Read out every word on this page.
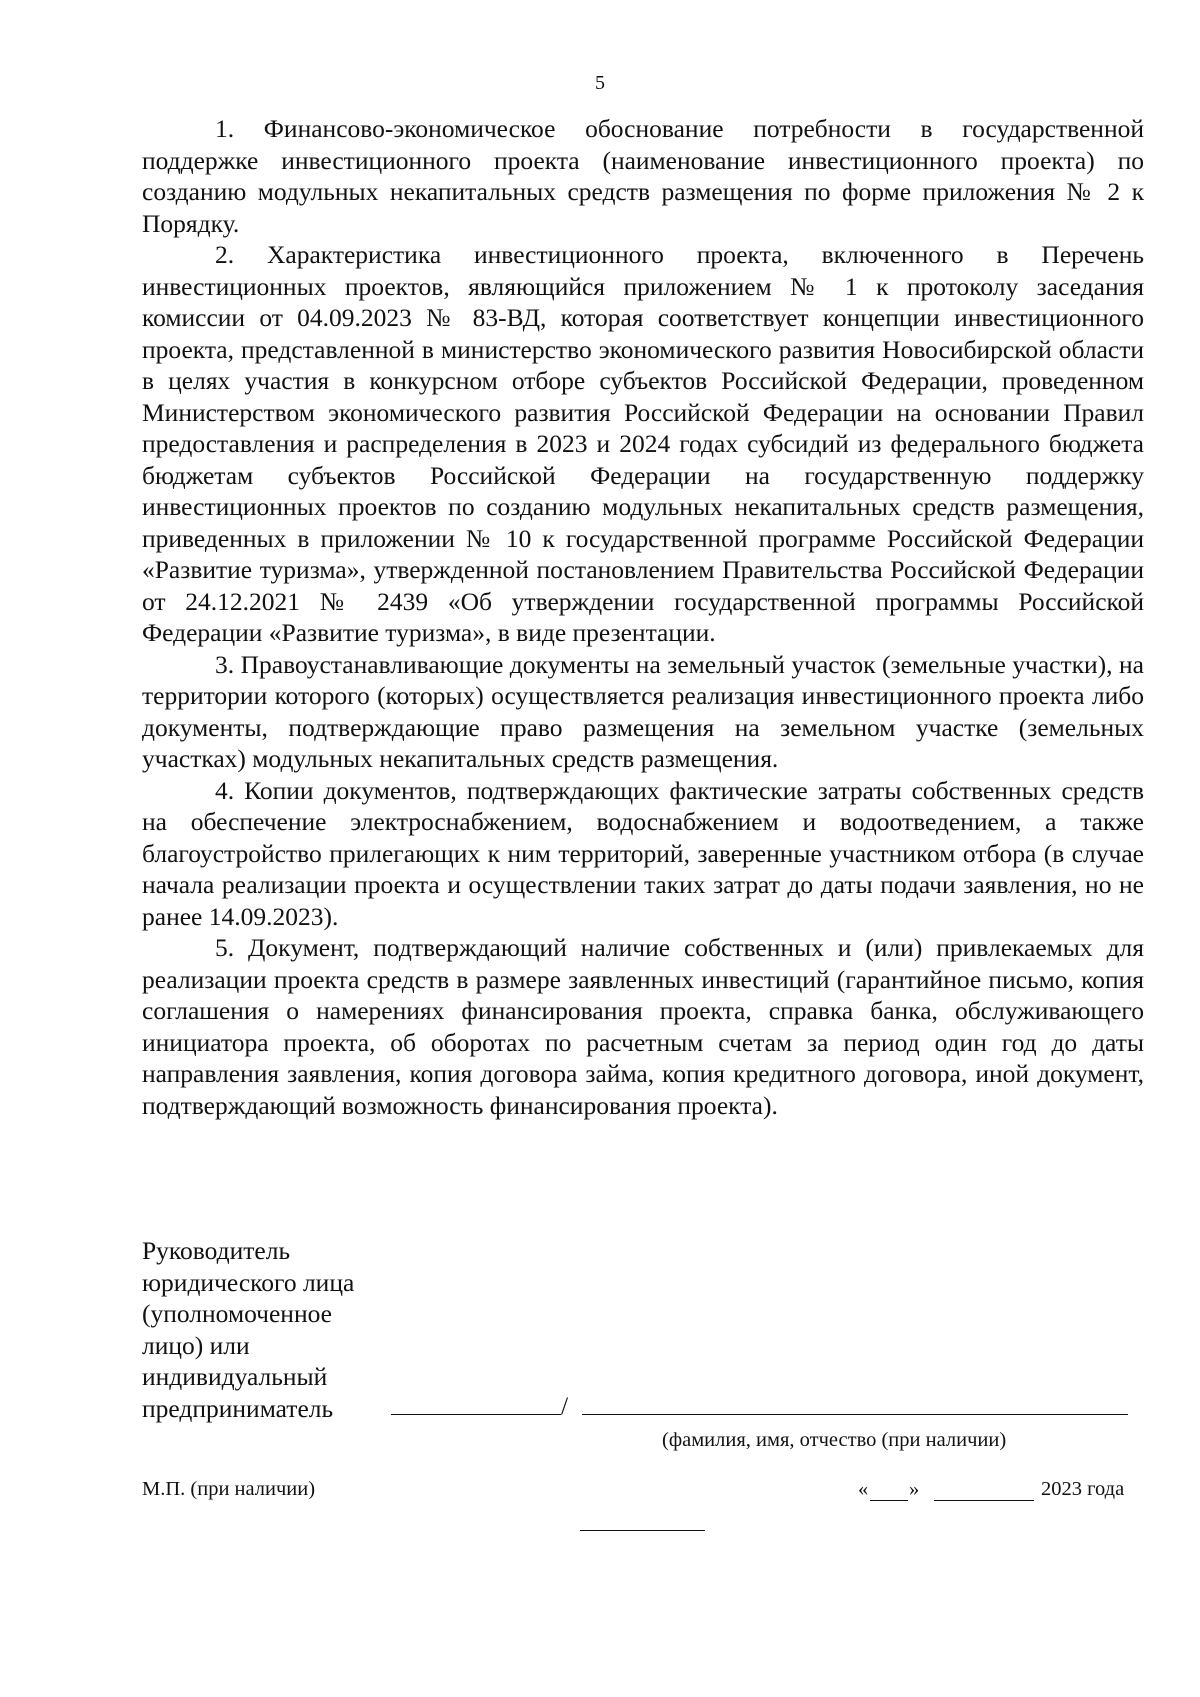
5

1. Финансово-экономическое обоснование потребности в государственной поддержке инвестиционного проекта (наименование инвестиционного проекта) по созданию модульных некапитальных средств размещения по форме приложения № 2 к Порядку.

2. Характеристика инвестиционного проекта, включенного в Перечень инвестиционных проектов, являющийся приложением № 1 к протоколу заседания комиссии от 04.09.2023 № 83-ВД, которая соответствует концепции инвестиционного проекта, представленной в министерство экономического развития Новосибирской области в целях участия в конкурсном отборе субъектов Российской Федерации, проведенном Министерством экономического развития Российской Федерации на основании Правил предоставления и распределения в 2023 и 2024 годах субсидий из федерального бюджета бюджетам субъектов Российской Федерации на государственную поддержку инвестиционных проектов по созданию модульных некапитальных средств размещения, приведенных в приложении № 10 к государственной программе Российской Федерации «Развитие туризма», утвержденной постановлением Правительства Российской Федерации от 24.12.2021 № 2439 «Об утверждении государственной программы Российской Федерации «Развитие туризма», в виде презентации.

3. Правоустанавливающие документы на земельный участок (земельные участки), на территории которого (которых) осуществляется реализация инвестиционного проекта либо документы, подтверждающие право размещения на земельном участке (земельных участках) модульных некапитальных средств размещения.

4. Копии документов, подтверждающих фактические затраты собственных средств на обеспечение электроснабжением, водоснабжением и водоотведением, а также благоустройство прилегающих к ним территорий, заверенные участником отбора (в случае начала реализации проекта и осуществлении таких затрат до даты подачи заявления, но не ранее 14.09.2023).

5. Документ, подтверждающий наличие собственных и (или) привлекаемых для реализации проекта средств в размере заявленных инвестиций (гарантийное письмо, копия соглашения о намерениях финансирования проекта, справка банка, обслуживающего инициатора проекта, об оборотах по расчетным счетам за период один год до даты направления заявления, копия договора займа, копия кредитного договора, иной документ, подтверждающий возможность финансирования проекта).

Руководитель
юридического лица
(уполномоченное
лицо) или
индивидуальный
предприниматель	/
(фамилия, имя, отчество (при наличии)
М.П. (при наличии)	« »	2023 года
